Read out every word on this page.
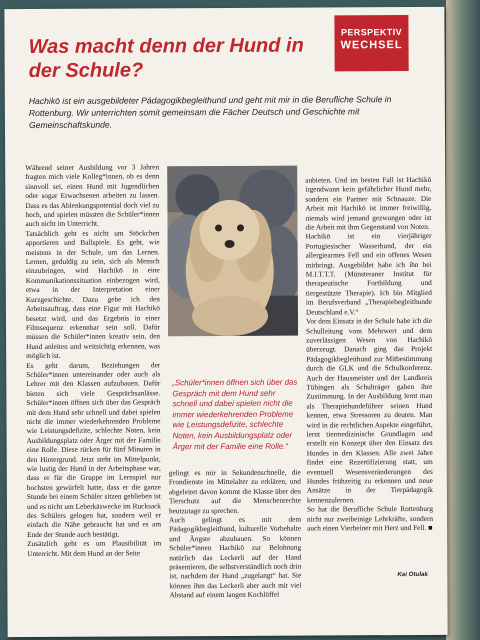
PERSPEKTIV
WECHSEL
Was macht denn der Hund in der Schule?

Hachikō ist ein ausgebildeter Pädagogikbegleithund und geht mit mir in die Berufliche Schule in Rottenburg. Wir unterrichten somit gemeinsam die Fächer Deutsch und Geschichte mit Gemeinschaftskunde.

Während seiner Ausbildung vor 3 Jahren fragten mich viele Kolleg*innen, ob es denn sinnvoll sei, einen Hund mit Jugendlichen oder sogar Erwachsenen arbeiten zu lassen. Dass es das Ablenkungspotential doch viel zu hoch, und spielen müssten die Schüler*innen auch nicht im Unterricht.

Tatsächlich geht es nicht um Stöckchen apportieren und Ballspiele. Es geht, wie meistens in der Schule, um das Lernen. Lernen, geduldig zu sein, sich als Mensch einzubringen, wird Hachikō in eine Kommunikationssituation einbezogen wird, etwa in der Interpretation einer Kurzgeschichte. Dazu gebe ich den Arbeitsauftrag, dass eine Figur mit Hachikō besetzt wird, und das Ergebnis in einer Filmsequenz erkennbar sein soll. Dafür müssen die Schüler*innen kreativ sein, den Hund anleiten und weitsichtig erkennen, was möglich ist.

Es geht darum, Beziehungen der Schüler*innen untereinander oder auch als Lehrer mit den Klassen aufzubauen. Dafür bieten sich viele Gesprächsanlässe. Schüler*innen öffnen sich über das Gespräch mit dem Hund sehr schnell und dabei spielen nicht die immer wiederkehrenden Probleme wie Leistungsdefizite, schlechte Noten, kein Ausbildungsplatz oder Ärger mit der Familie eine Rolle. Diese rücken für fünf Minuten in den Hintergrund. Jetzt steht im Mittelpunkt, wie lustig der Hund in der Arbeitsphase war, dass er für die Gruppe im Lernspiel nur hochsten gewürfelt hatte, dass er die ganze Stunde bei einem Schüler sitzen geblieben ist und es nicht um Leberkäswecke im Rucksack des Schülers gelogen hat, sondern weil er einfach die Nähe gebraucht hat und es am Ende der Stunde auch bestätigt.

Zusätzlich geht es um Plausibilität im Unterricht. Mit dem Hund an der Seite

„Schüler*innen öffnen sich über das Gespräch mit dem Hund sehr schnell und dabei spielen nicht die immer wiederkehrenden Probleme wie Leistungsdefizite, schlechte Noten, kein Ausbildungsplatz oder Ärger mit der Familie eine Rolle.“

gelingt es mir in Sekundenschnelle, die Frondienste im Mittelalter zu erklären, und abgeleitet davon kommt die Klasse über den Tierschutz auf die Menschenrechte heutzutage zu sprechen.

Auch gelingt es mit dem Pädagogikbegleithund, kulturelle Vorbehalte und Ängste abzubauen. So können Schüler*innen Hachikō zur Belohnung natürlich das Leckerli auf der Hand präsentieren, die selbstverständlich noch drin ist, nachdem der Hund „zugelangt“ hat. Sie können ihm das Leckerli aber auch mit viel Abstand auf einem langen Kochlöffel

anbieten. Und im besten Fall ist Hachikō irgendwann kein gefährlicher Hund mehr, sondern ein Partner mit Schnauze. Die Arbeit mit Hachikō ist immer freiwillig, niemals wird jemand gezwungen oder ist die Arbeit mit ihm Gegenstand von Noten.

Hachikō ist ein vierjähriger Portugiesischer Wasserhund, der ein allergiearmes Fell und ein offenes Wesen mitbringt. Ausgebildet habe ich ihn bei M.I.T.T.T. (Münsteraner Institut für therapeutische Fortbildung und tiergestützte Therapie). Ich bin Mitglied im Berufsverband „Therapiebegleithunde Deutschland e.V.“

Vor dem Einsatz in der Schule habe ich die Schulleitung vom Mehrwert und dem zuverlässigen Wesen von Hachikō überzeugt. Danach ging das Projekt Pädagogikbegleithund zur Mitbestimmung durch die GLK und die Schulkonferenz. Auch der Hausmeister und der Landkreis Tübingen als Schulträger gaben ihre Zustimmung. In der Ausbildung lernt man als Therapiehundeführer seinen Hund kennen, etwa Stressoren zu deuten. Man wird in die rechtlichen Aspekte eingeführt, lernt tiermedizinische Grundlagen und erstellt ein Konzept über den Einsatz des Hundes in den Klassen. Alle zwei Jahre findet eine Rezertifizierung statt, um eventuell Wesensveränderungen des Hundes frühzeitig zu erkennen und neue Ansätze in der Tierpädagogik kennenzulernen.

So hat die Berufliche Schule Rottenburg nicht nur zweibeinige Lehrkräfte, sondern auch einen Vierbeiner mit Herz und Fell. ■

Kai Otulak
